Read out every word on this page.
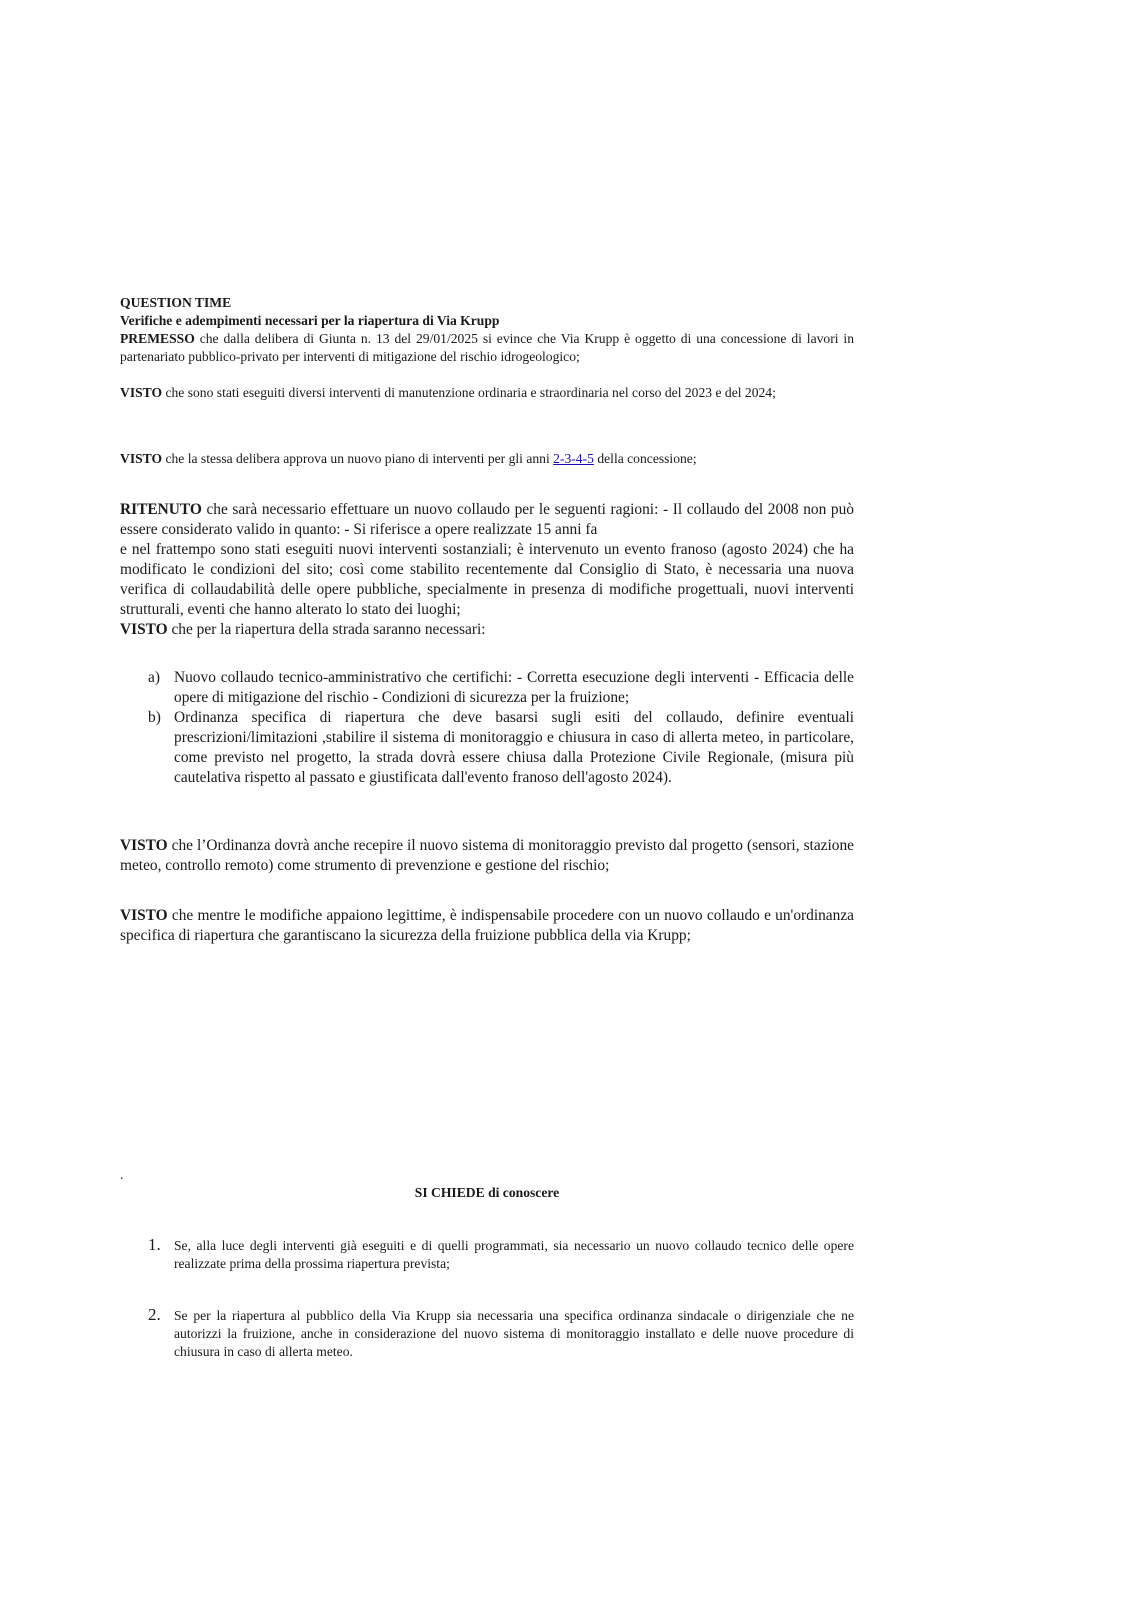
QUESTION TIME
Verifiche e adempimenti necessari per la riapertura di Via Krupp
PREMESSO che dalla delibera di Giunta n. 13 del 29/01/2025 si evince che Via Krupp è oggetto di una concessione di lavori in partenariato pubblico-privato per interventi di mitigazione del rischio idrogeologico;
VISTO che sono stati eseguiti diversi interventi di manutenzione ordinaria e straordinaria nel corso del 2023 e del 2024;
VISTO che la stessa delibera approva un nuovo piano di interventi per gli anni 2-3-4-5 della concessione;
RITENUTO che sarà necessario effettuare un nuovo collaudo per le seguenti ragioni: - Il collaudo del 2008 non può essere considerato valido in quanto: - Si riferisce a opere realizzate 15 anni fa
e nel frattempo sono stati eseguiti nuovi interventi sostanziali; è intervenuto un evento franoso (agosto 2024) che ha modificato le condizioni del sito; così come stabilito recentemente dal Consiglio di Stato, è necessaria una nuova verifica di collaudabilità delle opere pubbliche, specialmente in presenza di modifiche progettuali, nuovi interventi strutturali, eventi che hanno alterato lo stato dei luoghi;
VISTO che per la riapertura della strada saranno necessari:
a) Nuovo collaudo tecnico-amministrativo che certifichi: - Corretta esecuzione degli interventi - Efficacia delle opere di mitigazione del rischio - Condizioni di sicurezza per la fruizione;
b) Ordinanza specifica di riapertura che deve basarsi sugli esiti del collaudo, definire eventuali prescrizioni/limitazioni ,stabilire il sistema di monitoraggio e chiusura in caso di allerta meteo, in particolare, come previsto nel progetto, la strada dovrà essere chiusa dalla Protezione Civile Regionale, (misura più cautelativa rispetto al passato e giustificata dall'evento franoso dell'agosto 2024).
VISTO che l’Ordinanza dovrà anche recepire il nuovo sistema di monitoraggio previsto dal progetto (sensori, stazione meteo, controllo remoto) come strumento di prevenzione e gestione del rischio;
VISTO che mentre le modifiche appaiono legittime, è indispensabile procedere con un nuovo collaudo e un'ordinanza specifica di riapertura che garantiscano la sicurezza della fruizione pubblica della via Krupp;
.
SI CHIEDE di conoscere
1. Se, alla luce degli interventi già eseguiti e di quelli programmati, sia necessario un nuovo collaudo tecnico delle opere realizzate prima della prossima riapertura prevista;
2. Se per la riapertura al pubblico della Via Krupp sia necessaria una specifica ordinanza sindacale o dirigenziale che ne autorizzi la fruizione, anche in considerazione del nuovo sistema di monitoraggio installato e delle nuove procedure di chiusura in caso di allerta meteo.
